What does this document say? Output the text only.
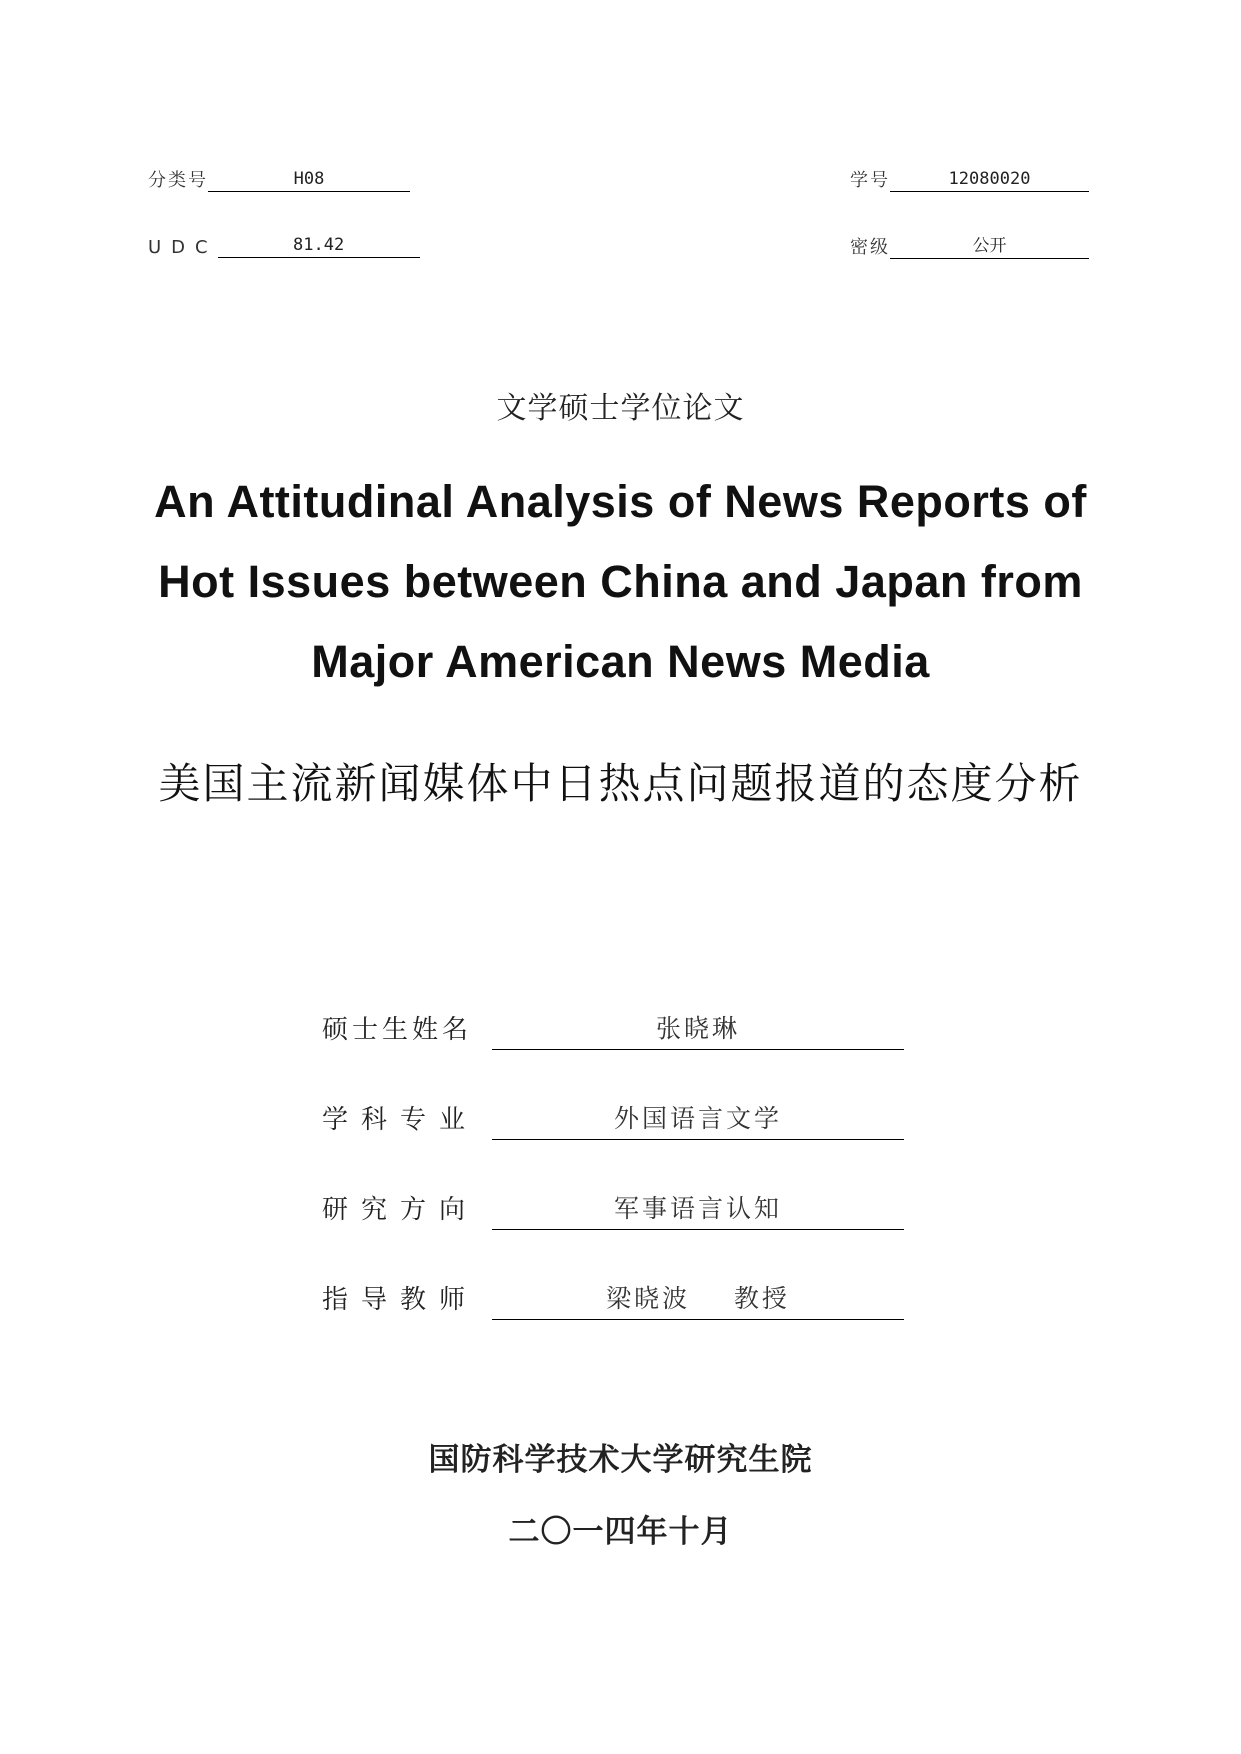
分类号	H08	学号	12080020
UDC	81.42	密级	公开
文学硕士学位论文
An Attitudinal Analysis of News Reports of Hot Issues between China and Japan from Major American News Media
美国主流新闻媒体中日热点问题报道的态度分析
硕士生姓名	张晓琳
学科专业	外国语言文学
研究方向	军事语言认知
指导教师	梁晓波    教授
国防科学技术大学研究生院
二〇一四年十月
